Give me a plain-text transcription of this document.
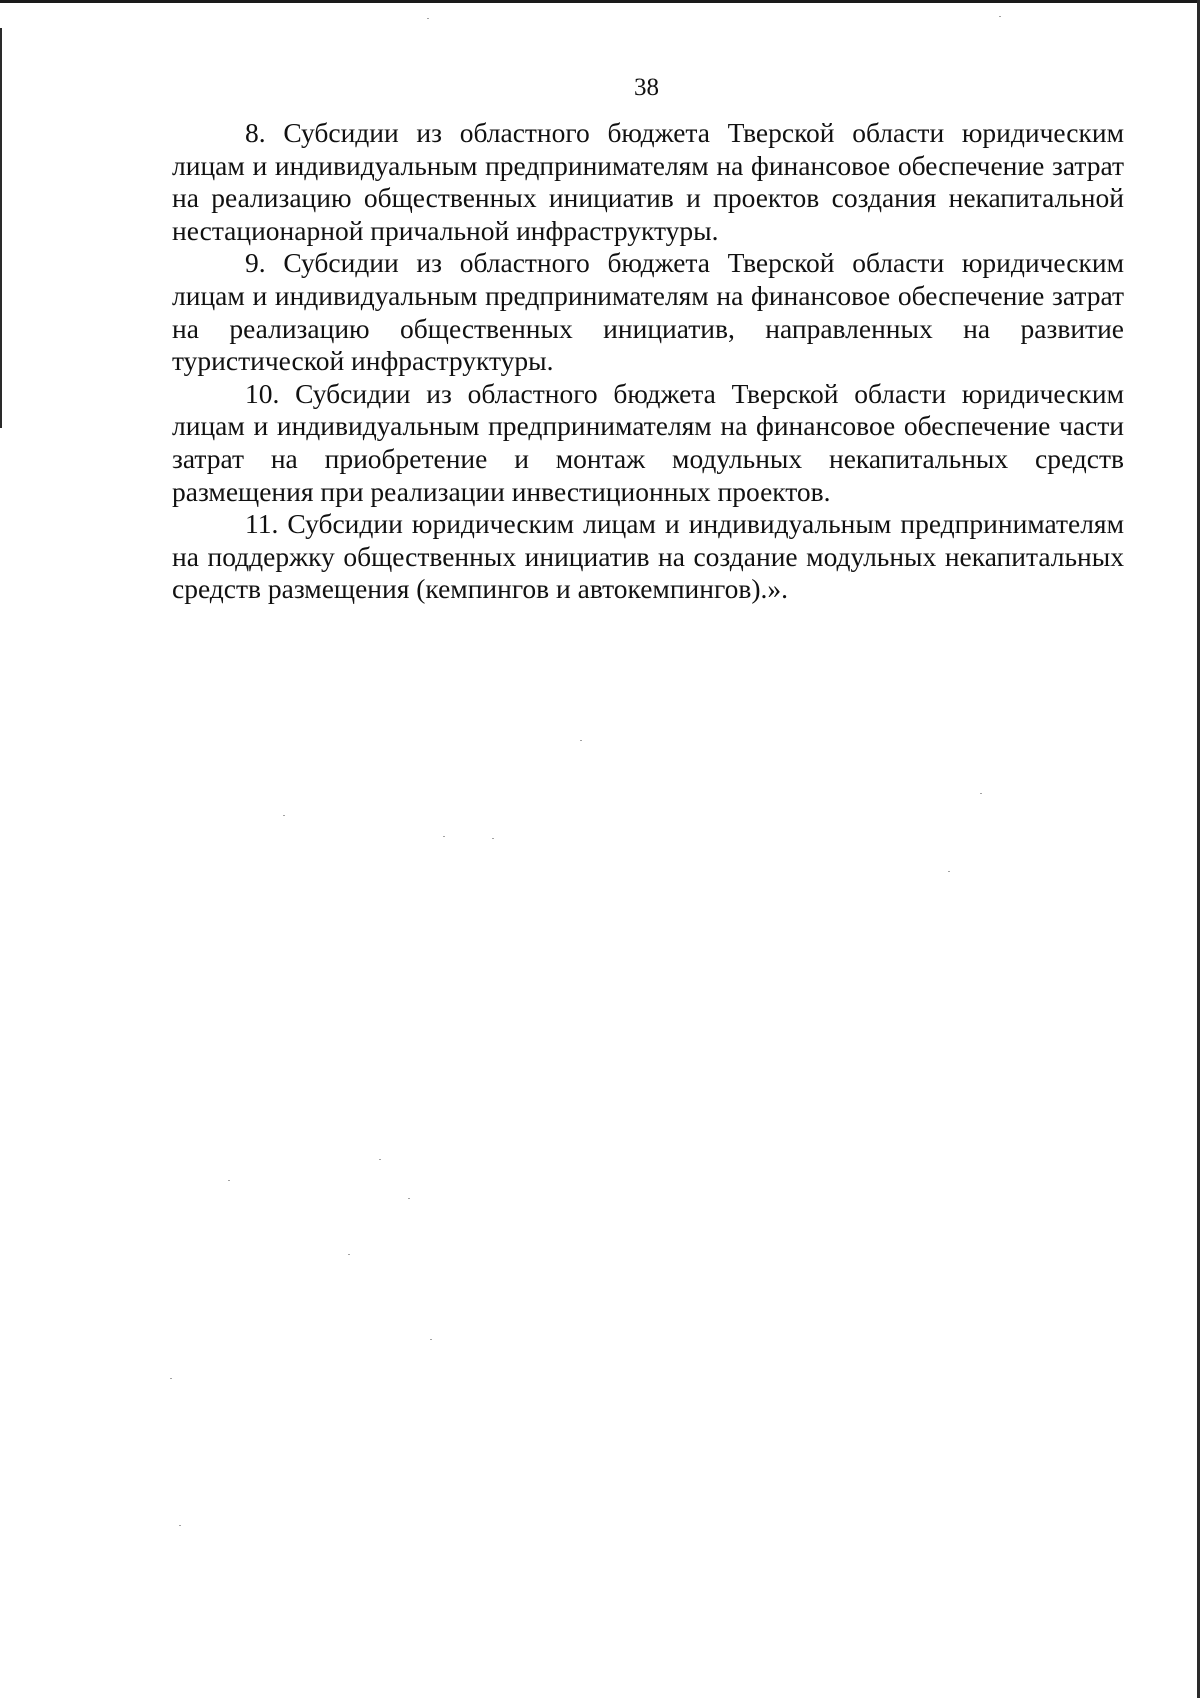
38

8. Субсидии из областного бюджета Тверской области юридическим лицам и индивидуальным предпринимателям на финансовое обеспечение затрат на реализацию общественных инициатив и проектов создания некапитальной нестационарной причальной инфраструктуры.

9. Субсидии из областного бюджета Тверской области юридическим лицам и индивидуальным предпринимателям на финансовое обеспечение затрат на реализацию общественных инициатив, направленных на развитие туристической инфраструктуры.

10. Субсидии из областного бюджета Тверской области юридическим лицам и индивидуальным предпринимателям на финансовое обеспечение части затрат на приобретение и монтаж модульных некапитальных средств размещения при реализации инвестиционных проектов.

11. Субсидии юридическим лицам и индивидуальным предпринимателям на поддержку общественных инициатив на создание модульных некапитальных средств размещения (кемпингов и автокемпингов).».
